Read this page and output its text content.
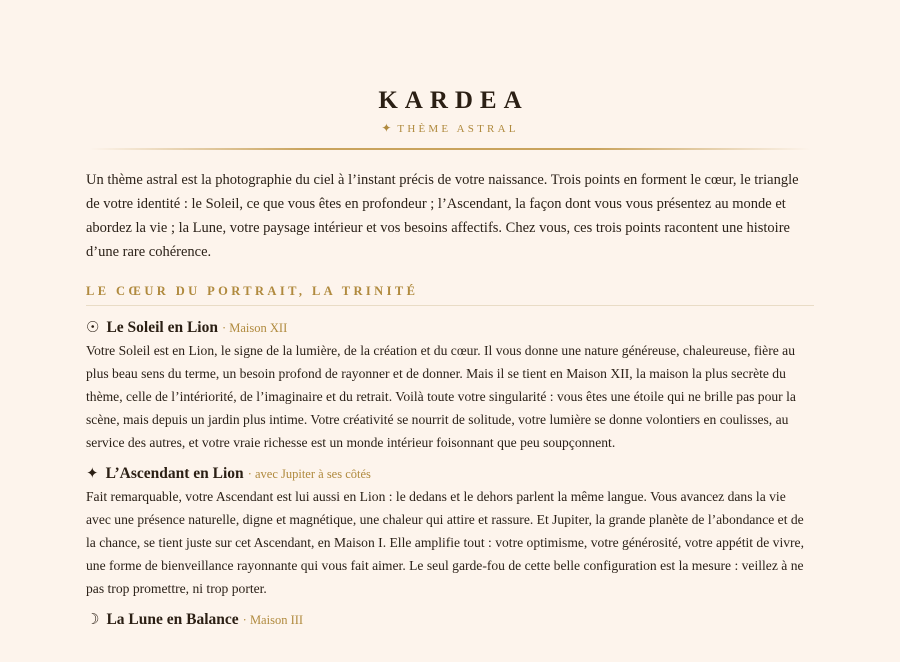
KARDEA
✦ THÈME ASTRAL

Un thème astral est la photographie du ciel à l’instant précis de votre naissance. Trois points en forment le cœur, le triangle de votre identité : le Soleil, ce que vous êtes en profondeur ; l’Ascendant, la façon dont vous vous présentez au monde et abordez la vie ; la Lune, votre paysage intérieur et vos besoins affectifs. Chez vous, ces trois points racontent une histoire d’une rare cohérence.

LE CŒUR DU PORTRAIT, LA TRINITÉ

☉ Le Soleil en Lion · Maison XII

Votre Soleil est en Lion, le signe de la lumière, de la création et du cœur. Il vous donne une nature généreuse, chaleureuse, fière au plus beau sens du terme, un besoin profond de rayonner et de donner. Mais il se tient en Maison XII, la maison la plus secrète du thème, celle de l’intériorité, de l’imaginaire et du retrait. Voilà toute votre singularité : vous êtes une étoile qui ne brille pas pour la scène, mais depuis un jardin plus intime. Votre créativité se nourrit de solitude, votre lumière se donne volontiers en coulisses, au service des autres, et votre vraie richesse est un monde intérieur foisonnant que peu soupçonnent.

✦ L’Ascendant en Lion · avec Jupiter à ses côtés

Fait remarquable, votre Ascendant est lui aussi en Lion : le dedans et le dehors parlent la même langue. Vous avancez dans la vie avec une présence naturelle, digne et magnétique, une chaleur qui attire et rassure. Et Jupiter, la grande planète de l’abondance et de la chance, se tient juste sur cet Ascendant, en Maison I. Elle amplifie tout : votre optimisme, votre générosité, votre appétit de vivre, une forme de bienveillance rayonnante qui vous fait aimer. Le seul garde-fou de cette belle configuration est la mesure : veillez à ne pas trop promettre, ni trop porter.

☽ La Lune en Balance · Maison III
